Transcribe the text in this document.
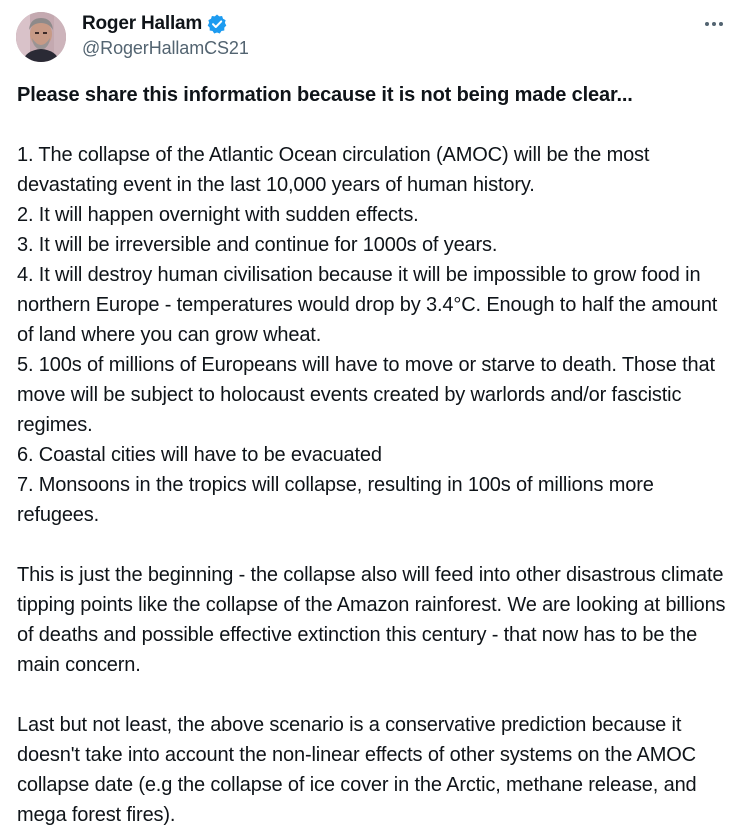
Roger Hallam
@RogerHallamCS21

Please share this information because it is not being made clear...

1. The collapse of the Atlantic Ocean circulation (AMOC) will be the most devastating event in the last 10,000 years of human history.

2. It will happen overnight with sudden effects.

3. It will be irreversible and continue for 1000s of years.

4. It will destroy human civilisation because it will be impossible to grow food in northern Europe - temperatures would drop by 3.4°C. Enough to half the amount of land where you can grow wheat.

5. 100s of millions of Europeans will have to move or starve to death. Those that move will be subject to holocaust events created by warlords and/or fascistic regimes.

6. Coastal cities will have to be evacuated

7. Monsoons in the tropics will collapse, resulting in 100s of millions more refugees.

This is just the beginning - the collapse also will feed into other disastrous climate tipping points like the collapse of the Amazon rainforest. We are looking at billions of deaths and possible effective extinction this century - that now has to be the main concern.

Last but not least, the above scenario is a conservative prediction because it doesn't take into account the non-linear effects of other systems on the AMOC collapse date (e.g the collapse of ice cover in the Arctic, methane release, and mega forest fires).
